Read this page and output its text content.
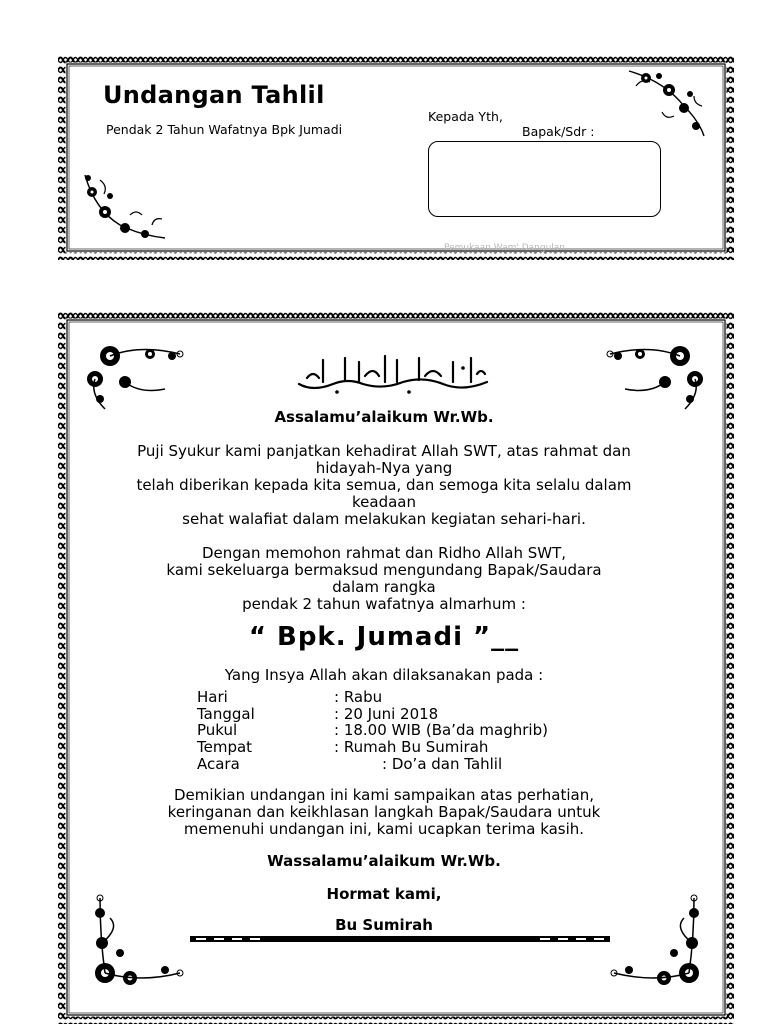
Undangan Tahlil
Pendak 2 Tahun Wafatnya Bpk Jumadi
Kepada Yth,
Bapak/Sdr :
Pemukaan Wam' Dangulan
Assalamu’alaikum Wr.Wb.
Puji Syukur kami panjatkan kehadirat Allah SWT, atas rahmat dan
hidayah-Nya yang
telah diberikan kepada kita semua, dan semoga kita selalu dalam
keadaan
sehat walafiat dalam melakukan kegiatan sehari-hari.
Dengan memohon rahmat dan Ridho Allah SWT,
kami sekeluarga bermaksud mengundang Bapak/Saudara
dalam rangka
pendak 2 tahun wafatnya almarhum :
“ Bpk. Jumadi ”__
Yang Insya Allah akan dilaksanakan pada :
Hari	: Rabu
Tanggal	: 20 Juni 2018
Pukul	: 18.00 WIB (Ba’da maghrib)
Tempat	: Rumah Bu Sumirah
Acara	: Do’a dan Tahlil
Demikian undangan ini kami sampaikan atas perhatian,
keringanan dan keikhlasan langkah Bapak/Saudara untuk
memenuhi undangan ini, kami ucapkan terima kasih.
Wassalamu’alaikum Wr.Wb.
Hormat kami,
Bu Sumirah
